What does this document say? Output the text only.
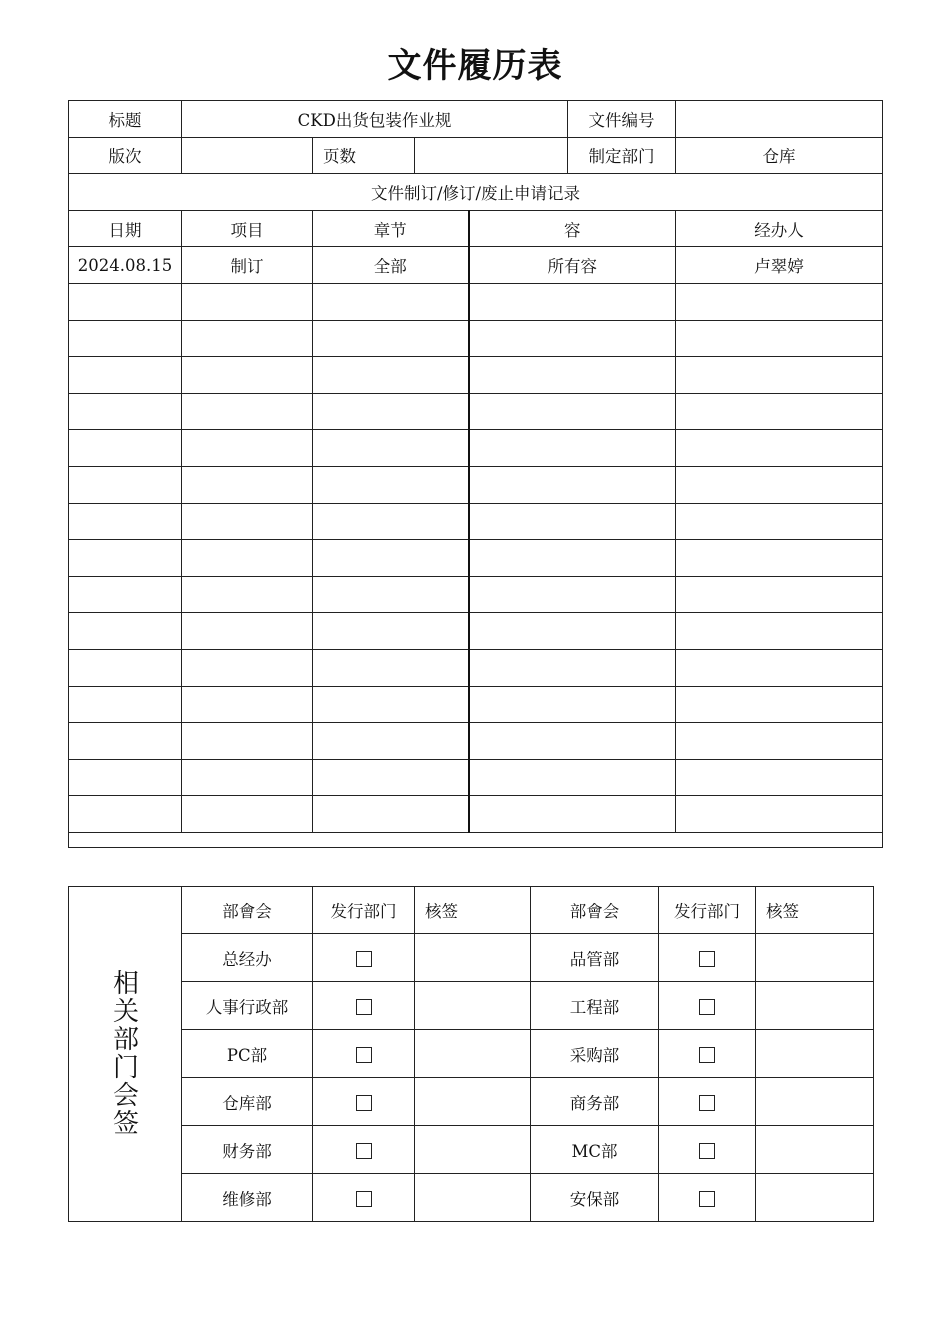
文件履历表
标题	CKD出货包装作业规				文件编号	
版次		页数			制定部门	仓库
文件制订/修订/废止申请记录						
日期	项目	章节		容		经办人
2024.08.15	制订	全部		所有容		卢翠婷

相关部门会签	部會会	发行部门	核签	部會会	发行部门	核签
	总经办			品管部		
	人事行政部			工程部		
	PC部			采购部		
	仓库部			商务部		
	财务部			MC部		
	维修部			安保部		
